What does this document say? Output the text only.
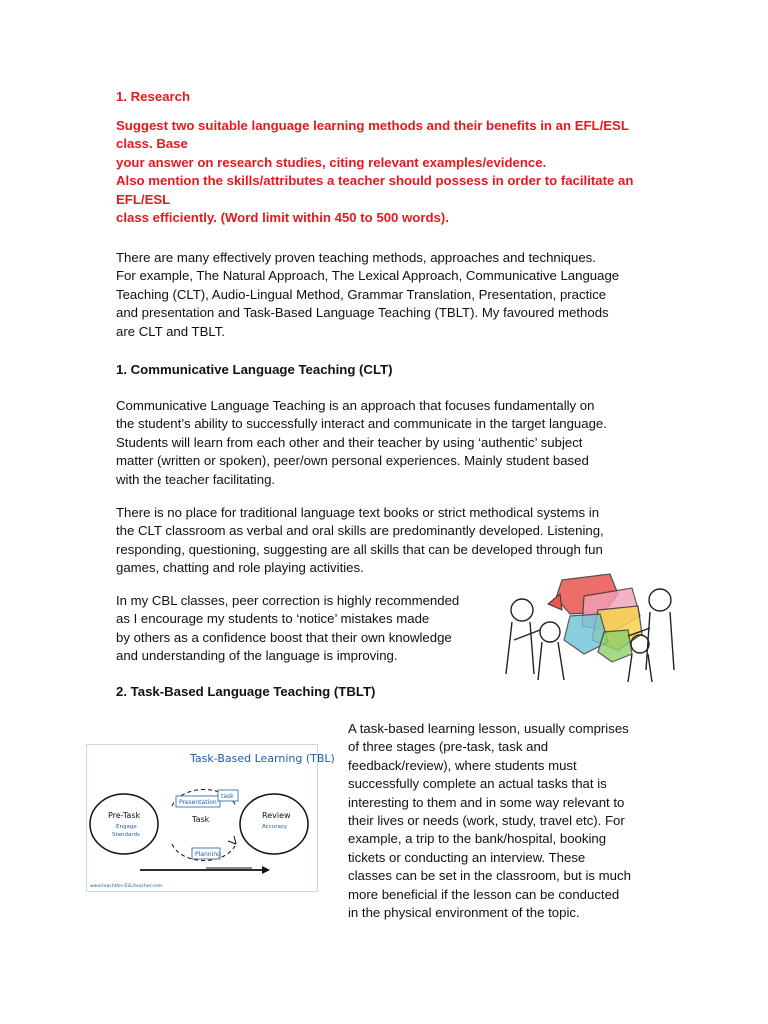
1. Research
Suggest two suitable language learning methods and their benefits in an EFL/ESL
class. Base
your answer on research studies, citing relevant examples/evidence.
Also mention the skills/attributes a teacher should possess in order to facilitate an
EFL/ESL
class efficiently. (Word limit within 450 to 500 words).
There are many effectively proven teaching methods, approaches and techniques.
For example, The Natural Approach, The Lexical Approach, Communicative Language
Teaching (CLT), Audio-Lingual Method, Grammar Translation, Presentation, practice
and presentation and Task-Based Language Teaching (TBLT). My favoured methods
are CLT and TBLT.
1. Communicative Language Teaching (CLT)
Communicative Language Teaching is an approach that focuses fundamentally on
the student’s ability to successfully interact and communicate in the target language.
Students will learn from each other and their teacher by using ‘authentic’ subject
matter (written or spoken), peer/own personal experiences. Mainly student based
with the teacher facilitating.
There is no place for traditional language text books or strict methodical systems in
the CLT classroom as verbal and oral skills are predominantly developed. Listening,
responding, questioning, suggesting are all skills that can be developed through fun
games, chatting and role playing activities.
In my CBL classes, peer correction is highly recommended
as I encourage my students to ‘notice’ mistakes made
by others as a confidence boost that their own knowledge
and understanding of the language is improving.
2. Task-Based Language Teaching (TBLT)
Task-Based Learning (TBL)
Presentation
task
Planning
Pre-Task
Engage
Standards
Task	Review
Accuracy
www.teachthis-ESL/teacher.com
A task-based learning lesson, usually comprises
of three stages (pre-task, task and
feedback/review), where students must
successfully complete an actual tasks that is
interesting to them and in some way relevant to
their lives or needs (work, study, travel etc). For
example, a trip to the bank/hospital, booking
tickets or conducting an interview. These
classes can be set in the classroom, but is much
more beneficial if the lesson can be conducted
in the physical environment of the topic.
